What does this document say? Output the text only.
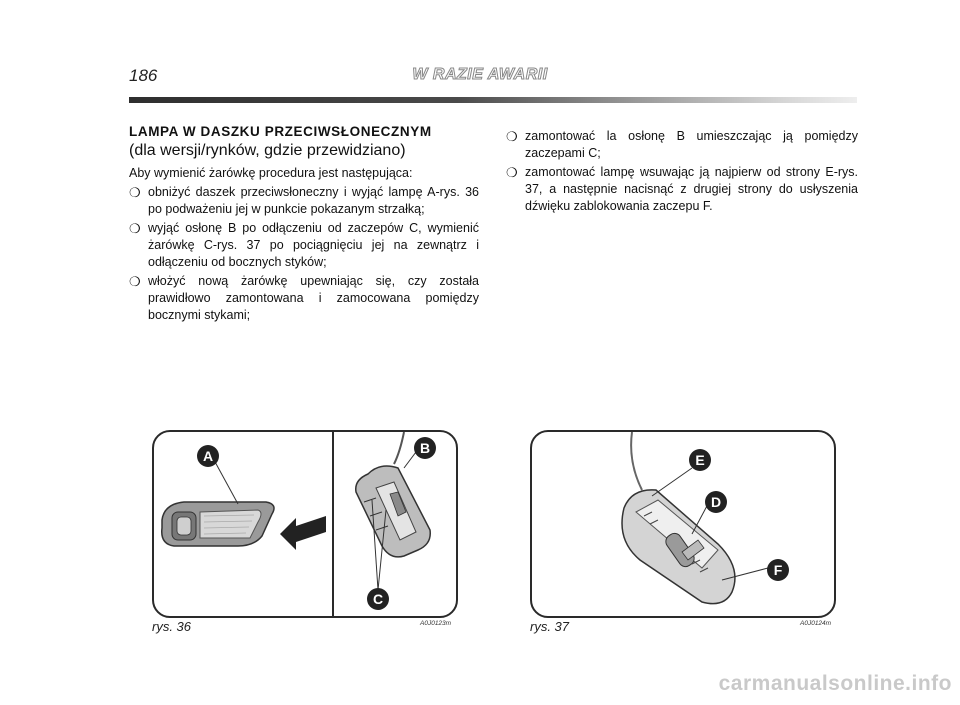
186	W RAZIE AWARII

LAMPA W DASZKU PRZECIWSŁONECZNYM

(dla wersji/rynków, gdzie przewidziano)

Aby wymienić żarówkę procedura jest następująca:

❍ obniżyć daszek przeciwsłoneczny i wyjąć lampę A-rys. 36 po podważeniu jej w punkcie pokazanym strzałką;
❍ wyjąć osłonę B po odłączeniu od zaczepów C, wymienić żarówkę C-rys. 37 po pociągnięciu jej na zewnątrz i odłączeniu od bocznych styków;
❍ włożyć nową żarówkę upewniając się, czy została prawidłowo zamontowana i zamocowana pomiędzy bocznymi stykami;
❍ zamontować la osłonę B umieszczając ją pomiędzy zaczepami C;
❍ zamontować lampę wsuwając ją najpierw od strony E-rys. 37, a następnie nacisnąć z drugiej strony do usłyszenia dźwięku zablokowania zaczepu F.
A	B
C
rys. 36	A0J0123m
E
D
F
rys. 37	A0J0124m
carmanualsonline.info
